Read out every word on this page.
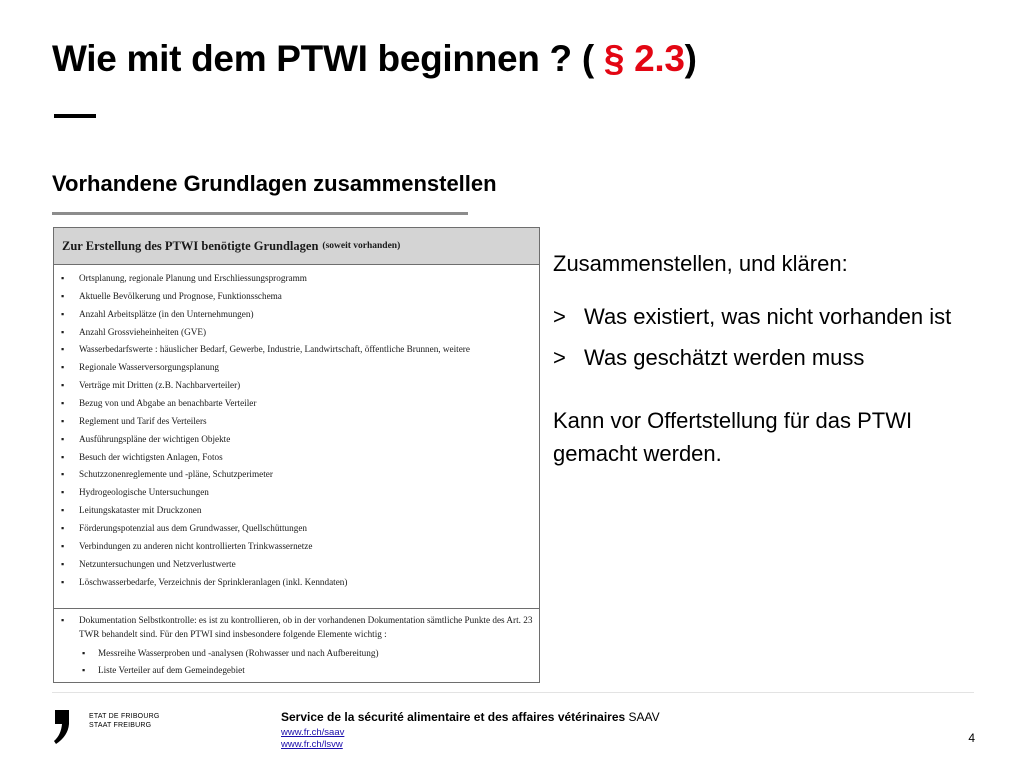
Wie mit dem PTWI beginnen ? ( § 2.3)
Vorhandene Grundlagen zusammenstellen
Zur Erstellung des PTWI benötigte Grundlagen (soweit vorhanden)
▪ Ortsplanung, regionale Planung und Erschliessungsprogramm
▪ Aktuelle Bevölkerung und Prognose, Funktionsschema
▪ Anzahl Arbeitsplätze (in den Unternehmungen)
▪ Anzahl Grossvieheinheiten (GVE)
▪ Wasserbedarfswerte : häuslicher Bedarf, Gewerbe, Industrie, Landwirtschaft, öffentliche Brunnen, weitere
▪ Regionale Wasserversorgungsplanung
▪ Verträge mit Dritten (z.B. Nachbarverteiler)
▪ Bezug von und Abgabe an benachbarte Verteiler
▪ Reglement und Tarif des Verteilers
▪ Ausführungspläne der wichtigen Objekte
▪ Besuch der wichtigsten Anlagen, Fotos
▪ Schutzzonenreglemente und -pläne, Schutzperimeter
▪ Hydrogeologische Untersuchungen
▪ Leitungskataster mit Druckzonen
▪ Förderungspotenzial aus dem Grundwasser, Quellschüttungen
▪ Verbindungen zu anderen nicht kontrollierten Trinkwassernetze
▪ Netzuntersuchungen und Netzverlustwerte
▪ Löschwasserbedarfe, Verzeichnis der Sprinkleranlagen (inkl. Kenndaten)

▪ Dokumentation Selbstkontrolle: es ist zu kontrollieren, ob in der vorhandenen Dokumentation sämtliche Punkte des Art. 23 TWR behandelt sind. Für den PTWI sind insbesondere folgende Elemente wichtig :

▪ Messreihe Wasserproben und -analysen (Rohwasser und nach Aufbereitung)
▪ Liste Verteiler auf dem Gemeindegebiet

Zusammenstellen, und klären:

> Was existiert, was nicht vorhanden ist
> Was geschätzt werden muss

Kann vor Offertstellung für das PTWI gemacht werden.

ETAT DE FRIBOURG
STAAT FREIBURG
Service de la sécurité alimentaire et des affaires vétérinaires SAAV
www.fr.ch/saav
www.fr.ch/lsvw	4
